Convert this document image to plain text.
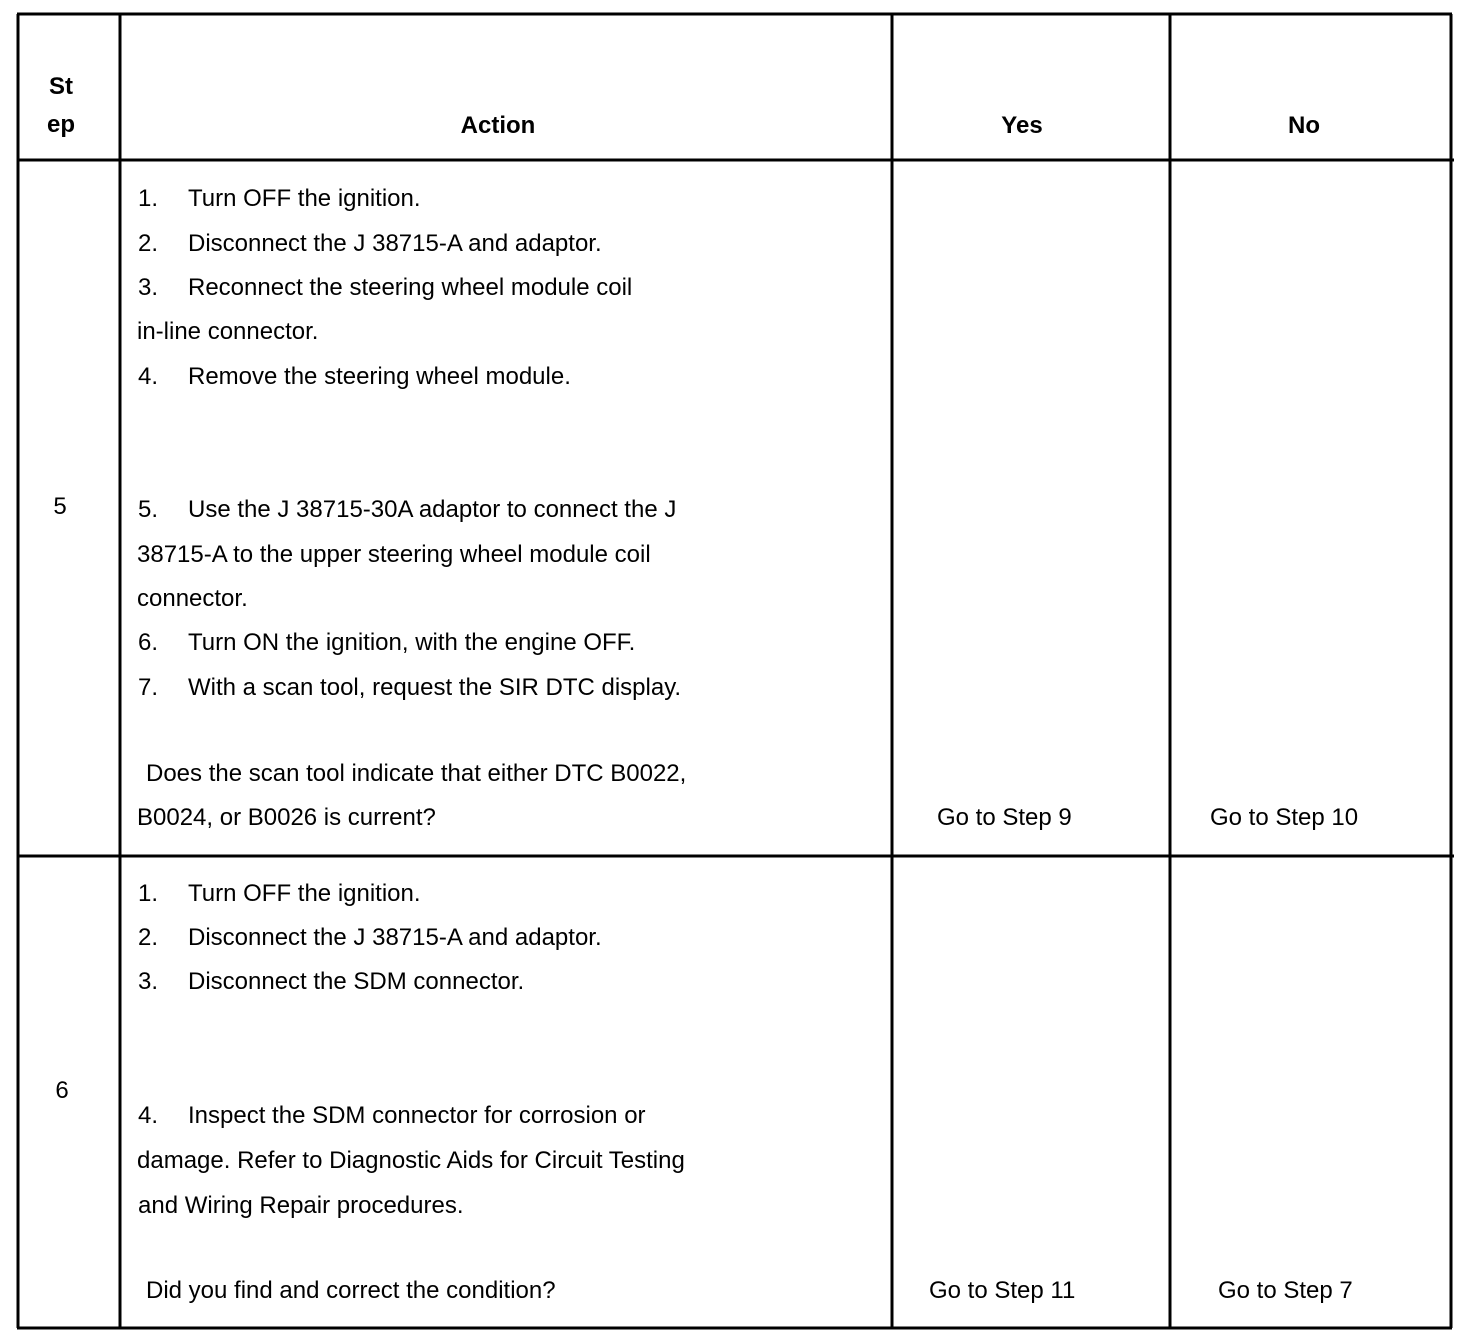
St
ep	Action	Yes	No
5
1. Turn OFF the ignition.
2. Disconnect the J 38715-A and adaptor.
3. Reconnect the steering wheel module coil
in-line connector.
4. Remove the steering wheel module.
5. Use the J 38715-30A adaptor to connect the J
38715-A to the upper steering wheel module coil
connector.
6. Turn ON the ignition, with the engine OFF.
7. With a scan tool, request the SIR DTC display.
Does the scan tool indicate that either DTC B0022,
B0024, or B0026 is current?	Go to Step 9	Go to Step 10
6
1. Turn OFF the ignition.
2. Disconnect the J 38715-A and adaptor.
3. Disconnect the SDM connector.
4. Inspect the SDM connector for corrosion or
damage. Refer to Diagnostic Aids for Circuit Testing
and Wiring Repair procedures.
Did you find and correct the condition?	Go to Step 11	Go to Step 7
